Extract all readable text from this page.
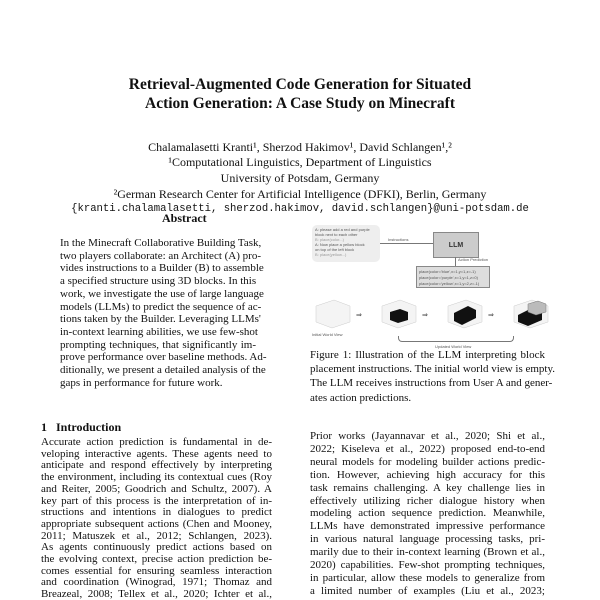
Retrieval-Augmented Code Generation for Situated
Action Generation: A Case Study on Minecraft
Chalamalasetti Kranti¹, Sherzod Hakimov¹, David Schlangen¹,²
¹Computational Linguistics, Department of Linguistics
University of Potsdam, Germany
²German Research Center for Artificial Intelligence (DFKI), Berlin, Germany
{kranti.chalamalasetti, sherzod.hakimov, david.schlangen}@uni-potsdam.de
Abstract
In the Minecraft Collaborative Building Task,
two players collaborate: an Architect (A) pro-
vides instructions to a Builder (B) to assemble
a specified structure using 3D blocks. In this
work, we investigate the use of large language
models (LLMs) to predict the sequence of ac-
tions taken by the Builder. Leveraging LLMs'
in-context learning abilities, we use few-shot
prompting techniques, that significantly im-
prove performance over baseline methods. Ad-
ditionally, we present a detailed analysis of the
gaps in performance for future work.
1   Introduction
Accurate action prediction is fundamental in de-
veloping interactive agents. These agents need to
anticipate and respond effectively by interpreting
the environment, including its contextual cues (Roy
and Reiter, 2005; Goodrich and Schultz, 2007). A
key part of this process is the interpretation of in-
structions and intentions in dialogues to predict
appropriate subsequent actions (Chen and Mooney,
2011; Matuszek et al., 2012; Schlangen, 2023).
As agents continuously predict actions based on
the evolving context, precise action prediction be-
comes essential for ensuring seamless interaction
and coordination (Winograd, 1971; Thomaz and
Breazeal, 2008; Tellex et al., 2020; Ichter et al.,
A: please add a red and purple
block next to each other
B: place(color...)
A: Now place a yellow block
on top of the left block
B: place(yellow...)
Instructions
LLM
Action Prediction
place(color='blue',x=1,y=1,z=-1)
place(color='purple',x=1,y=1,z=0)
place(color='yellow',x=1,y=2,z=-1)
⇒	⇒	⇒
Initial World View
Updated World View
Figure 1: Illustration of the LLM interpreting block
placement instructions. The initial world view is empty.
The LLM receives instructions from User A and gener-
ates action predictions.
Prior works (Jayannavar et al., 2020; Shi et al.,
2022; Kiseleva et al., 2022) proposed end-to-end
neural models for modeling builder actions predic-
tion. However, achieving high accuracy for this
task remains challenging. A key challenge lies in
effectively utilizing richer dialogue history when
modeling action sequence prediction. Meanwhile,
LLMs have demonstrated impressive performance
in various natural language processing tasks, pri-
marily due to their in-context learning (Brown et al.,
2020) capabilities. Few-shot prompting techniques,
in particular, allow these models to generalize from
a limited number of examples (Liu et al., 2023;
